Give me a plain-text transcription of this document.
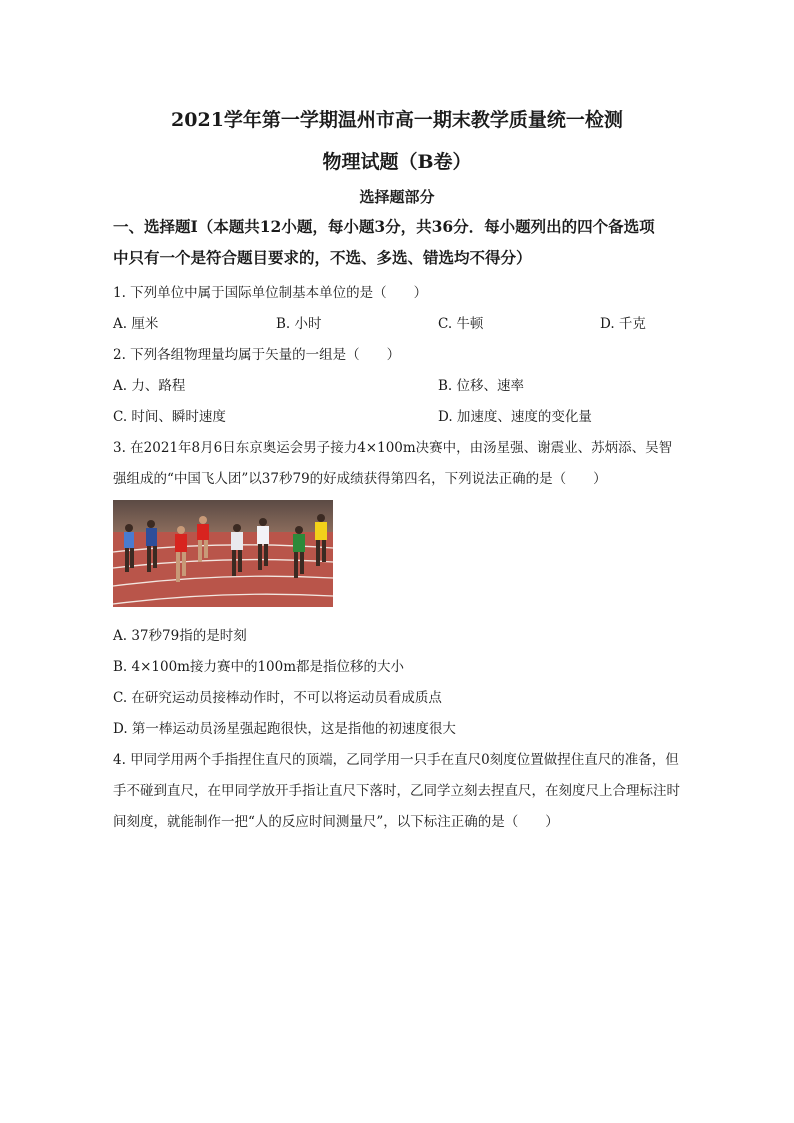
2021学年第一学期温州市高一期末教学质量统一检测
物理试题（B卷）
选择题部分
一、选择题Ⅰ（本题共12小题，每小题3分，共36分．每小题列出的四个备选项
中只有一个是符合题目要求的，不选、多选、错选均不得分）
1. 下列单位中属于国际单位制基本单位的是（　　）
A. 厘米	B. 小时	C. 牛顿	D. 千克
2. 下列各组物理量均属于矢量的一组是（　　）
A. 力、路程	B. 位移、速率
C. 时间、瞬时速度	D. 加速度、速度的变化量
3. 在2021年8月6日东京奥运会男子接力4×100m决赛中，由汤星强、谢震业、苏炳添、吴智
强组成的“中国飞人团”以37秒79的好成绩获得第四名，下列说法正确的是（　　）
A. 37秒79指的是时刻
B. 4×100m接力赛中的100m都是指位移的大小
C. 在研究运动员接棒动作时，不可以将运动员看成质点
D. 第一棒运动员汤星强起跑很快，这是指他的初速度很大
4. 甲同学用两个手指捏住直尺的顶端，乙同学用一只手在直尺0刻度位置做捏住直尺的准备，但
手不碰到直尺，在甲同学放开手指让直尺下落时，乙同学立刻去捏直尺，在刻度尺上合理标注时
间刻度，就能制作一把“人的反应时间测量尺”，以下标注正确的是（　　）
